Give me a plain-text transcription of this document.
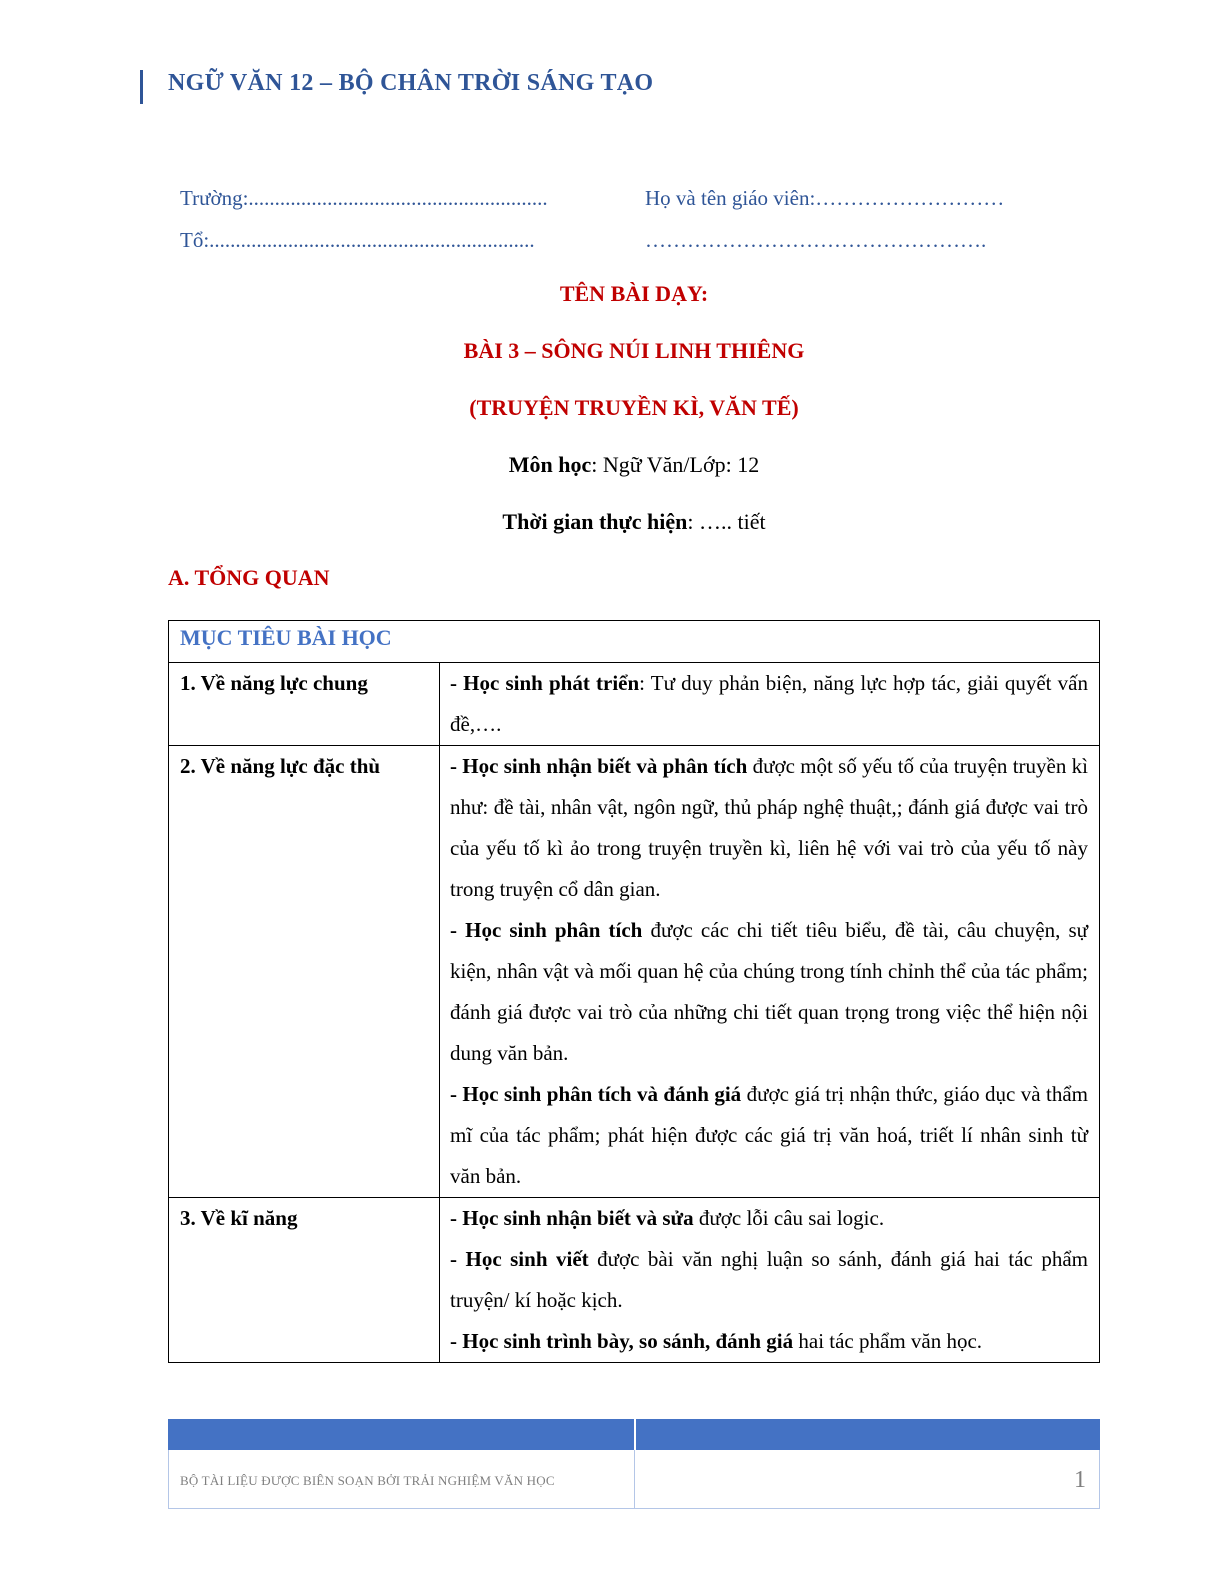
NGỮ VĂN 12 – BỘ CHÂN TRỜI SÁNG TẠO
Trường:.........................................................	Họ và tên giáo viên:………………………
Tổ:..............................................................	………………………………………….
TÊN BÀI DẠY:
BÀI 3 – SÔNG NÚI LINH THIÊNG
(TRUYỆN TRUYỀN KÌ, VĂN TẾ)
Môn học: Ngữ Văn/Lớp: 12
Thời gian thực hiện: ….. tiết
A. TỔNG QUAN
MỤC TIÊU BÀI HỌC	

1. Về năng lực chung	- Học sinh phát triển: Tư duy phản biện, năng lực hợp tác, giải quyết vấn đề,….

2. Về năng lực đặc thù	- Học sinh nhận biết và phân tích được một số yếu tố của truyện truyền kì như: đề tài, nhân vật, ngôn ngữ, thủ pháp nghệ thuật,; đánh giá được vai trò của yếu tố kì ảo trong truyện truyền kì, liên hệ với vai trò của yếu tố này trong truyện cổ dân gian.
- Học sinh phân tích được các chi tiết tiêu biểu, đề tài, câu chuyện, sự kiện, nhân vật và mối quan hệ của chúng trong tính chỉnh thể của tác phẩm; đánh giá được vai trò của những chi tiết quan trọng trong việc thể hiện nội dung văn bản.
- Học sinh phân tích và đánh giá được giá trị nhận thức, giáo dục và thẩm mĩ của tác phẩm; phát hiện được các giá trị văn hoá, triết lí nhân sinh từ văn bản.

3. Về kĩ năng	- Học sinh nhận biết và sửa được lỗi câu sai logic.
- Học sinh viết được bài văn nghị luận so sánh, đánh giá hai tác phẩm truyện/ kí hoặc kịch.
- Học sinh trình bày, so sánh, đánh giá hai tác phẩm văn học.
BỘ TÀI LIỆU ĐƯỢC BIÊN SOẠN BỞI TRẢI NGHIỆM VĂN HỌC	1
